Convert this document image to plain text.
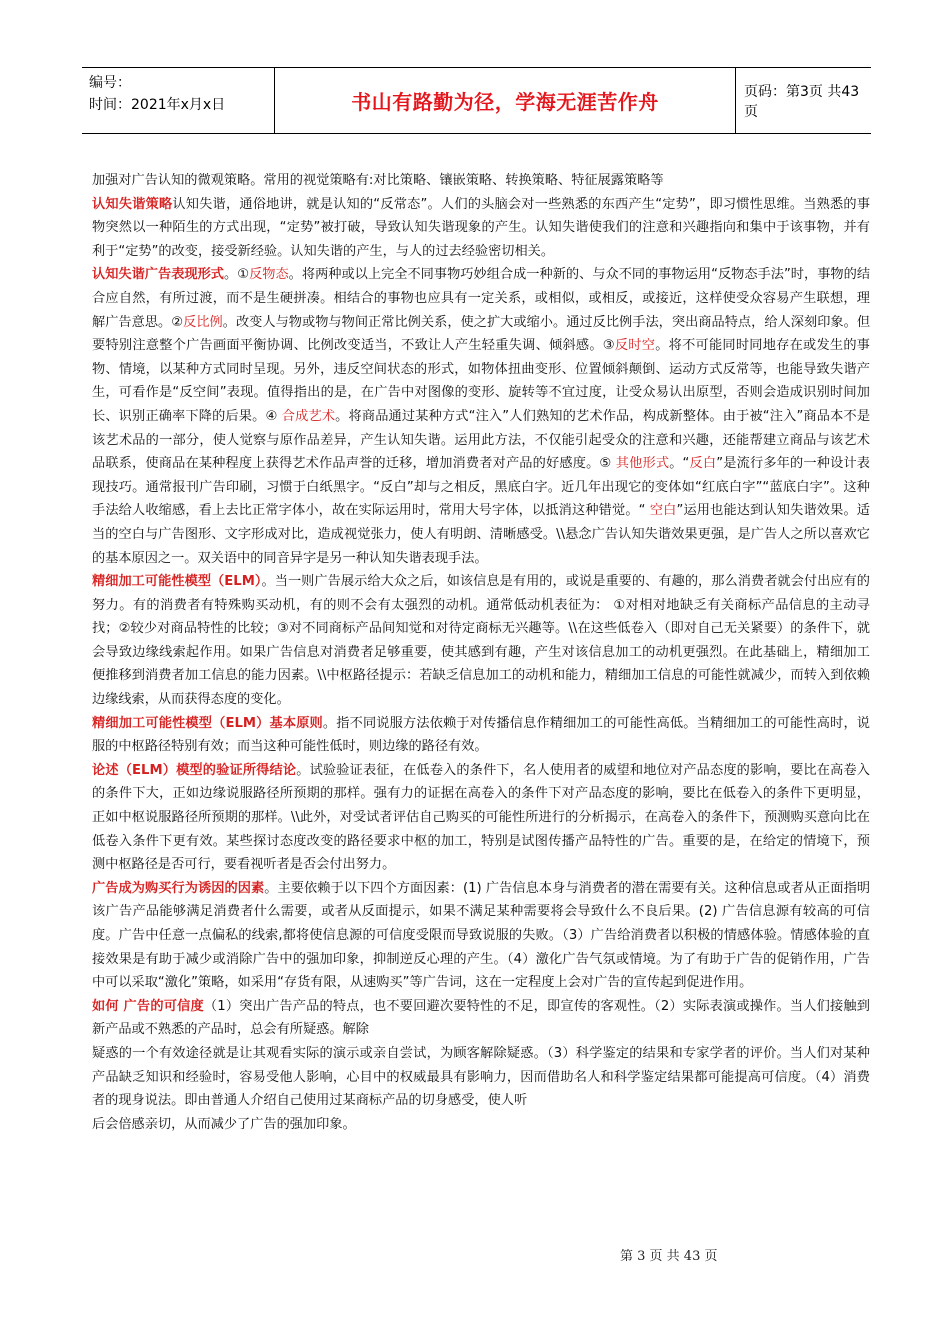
编号：
时间：2021年x月x日	书山有路勤为径，学海无涯苦作舟	页码：第3页 共43页

加强对广告认知的微观策略。常用的视觉策略有:对比策略、镶嵌策略、转换策略、特征展露策略等

认知失谐策略认知失谐，通俗地讲，就是认知的“反常态”。人们的头脑会对一些熟悉的东西产生“定势”，即习惯性思维。当熟悉的事物突然以一种陌生的方式出现，“定势”被打破，导致认知失谐现象的产生。认知失谐使我们的注意和兴趣指向和集中于该事物，并有利于“定势”的改变，接受新经验。认知失谐的产生，与人的过去经验密切相关。

认知失谐广告表现形式。①反物态。将两种或以上完全不同事物巧妙组合成一种新的、与众不同的事物运用“反物态手法”时，事物的结合应自然，有所过渡，而不是生硬拼凑。相结合的事物也应具有一定关系，或相似，或相反，或接近，这样使受众容易产生联想，理解广告意思。②反比例。改变人与物或物与物间正常比例关系，使之扩大或缩小。通过反比例手法，突出商品特点，给人深刻印象。但要特别注意整个广告画面平衡协调、比例改变适当，不致让人产生轻重失调、倾斜感。③反时空。将不可能同时同地存在或发生的事物、情境，以某种方式同时呈现。另外，违反空间状态的形式，如物体扭曲变形、位置倾斜颠倒、运动方式反常等，也能导致失谐产生，可看作是“反空间”表现。值得指出的是，在广告中对图像的变形、旋转等不宜过度，让受众易认出原型，否则会造成识别时间加长、识别正确率下降的后果。④ 合成艺术。将商品通过某种方式“注入”人们熟知的艺术作品，构成新整体。由于被“注入”商品本不是该艺术品的一部分，使人觉察与原作品差异，产生认知失谐。运用此方法，不仅能引起受众的注意和兴趣，还能帮建立商品与该艺术品联系，使商品在某种程度上获得艺术作品声誉的迁移，增加消费者对产品的好感度。⑤ 其他形式。“反白”是流行多年的一种设计表现技巧。通常报刊广告印刷，习惯于白纸黑字。“反白”却与之相反，黑底白字。近几年出现它的变体如“红底白字”“蓝底白字”。这种手法给人收缩感，看上去比正常字体小，故在实际运用时，常用大号字体，以抵消这种错觉。“ 空白”运用也能达到认知失谐效果。适当的空白与广告图形、文字形成对比，造成视觉张力，使人有明朗、清晰感受。\\悬念广告认知失谐效果更强，是广告人之所以喜欢它的基本原因之一。双关语中的同音异字是另一种认知失谐表现手法。

精细加工可能性模型（ELM）。当一则广告展示给大众之后，如该信息是有用的，或说是重要的、有趣的，那么消费者就会付出应有的努力。有的消费者有特殊购买动机，有的则不会有太强烈的动机。通常低动机表征为： ①对相对地缺乏有关商标产品信息的主动寻找；②较少对商品特性的比较；③对不同商标产品间知觉和对待定商标无兴趣等。\\在这些低卷入（即对自己无关紧要）的条件下，就会导致边缘线索起作用。如果广告信息对消费者足够重要，使其感到有趣，产生对该信息加工的动机更强烈。在此基础上，精细加工便推移到消费者加工信息的能力因素。\\中枢路径提示：若缺乏信息加工的动机和能力，精细加工信息的可能性就减少，而转入到依赖边缘线索，从而获得态度的变化。

精细加工可能性模型（ELM）基本原则。指不同说服方法依赖于对传播信息作精细加工的可能性高低。当精细加工的可能性高时，说服的中枢路径特别有效；而当这种可能性低时，则边缘的路径有效。

论述（ELM）模型的验证所得结论。试验验证表征，在低卷入的条件下，名人使用者的威望和地位对产品态度的影响，要比在高卷入的条件下大，正如边缘说服路径所预期的那样。强有力的证据在高卷入的条件下对产品态度的影响，要比在低卷入的条件下更明显，正如中枢说服路径所预期的那样。\\此外，对受试者评估自己购买的可能性所进行的分析揭示，在高卷入的条件下，预测购买意向比在低卷入条件下更有效。某些探讨态度改变的路径要求中枢的加工，特别是试图传播产品特性的广告。重要的是，在给定的情境下，预测中枢路径是否可行，要看视听者是否会付出努力。

广告成为购买行为诱因的因素。主要依赖于以下四个方面因素：(1) 广告信息本身与消费者的潜在需要有关。这种信息或者从正面指明该广告产品能够满足消费者什么需要，或者从反面提示，如果不满足某种需要将会导致什么不良后果。(2) 广告信息源有较高的可信度。广告中任意一点偏私的线索,都将使信息源的可信度受限而导致说服的失败。（3）广告给消费者以积极的情感体验。情感体验的直接效果是有助于减少或消除广告中的强加印象，抑制逆反心理的产生。（4）激化广告气氛或情境。为了有助于广告的促销作用，广告中可以采取“激化”策略，如采用“存货有限，从速购买”等广告词，这在一定程度上会对广告的宣传起到促进作用。

如何 广告的可信度（1）突出广告产品的特点，也不要回避次要特性的不足，即宣传的客观性。（2）实际表演或操作。当人们接触到新产品或不熟悉的产品时，总会有所疑惑。解除

疑惑的一个有效途径就是让其观看实际的演示或亲自尝试，为顾客解除疑惑。（3）科学鉴定的结果和专家学者的评价。当人们对某种产品缺乏知识和经验时，容易受他人影响，心目中的权威最具有影响力，因而借助名人和科学鉴定结果都可能提高可信度。（4）消费者的现身说法。即由普通人介绍自己使用过某商标产品的切身感受，使人听

后会倍感亲切，从而减少了广告的强加印象。

第 3 页 共 43 页
